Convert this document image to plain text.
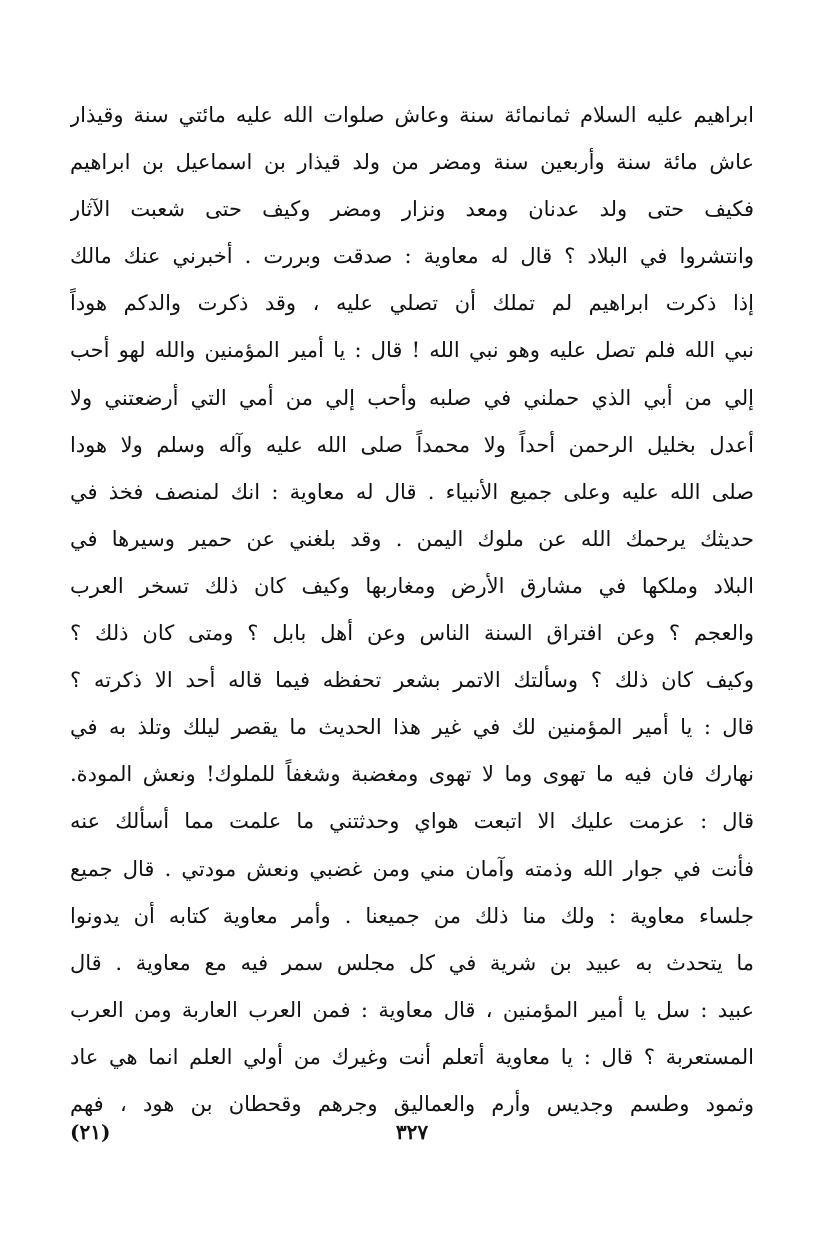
ابراهيم عليه السلام ثمانمائة سنة وعاش صلوات الله عليه مائتي سنة وقيذار
عاش مائة سنة وأربعين سنة ومضر من ولد قيذار بن اسماعيل بن ابراهيم
فكيف حتى ولد عدنان ومعد ونزار ومضر وكيف حتى شعبت الآثار
وانتشروا في البلاد ؟ قال له معاوية : صدقت وبررت . أخبرني عنك مالك
إذا ذكرت ابراهيم لم تملك أن تصلي عليه ، وقد ذكرت والدكم هوداً
نبي الله فلم تصل عليه وهو نبي الله ! قال : يا أمير المؤمنين والله لهو أحب
إلي من أبي الذي حملني في صلبه وأحب إلي من أمي التي أرضعتني ولا
أعدل بخليل الرحمن أحداً ولا محمداً صلى الله عليه وآله وسلم ولا هودا
صلى الله عليه وعلى جميع الأنبياء . قال له معاوية : انك لمنصف فخذ في
حديثك يرحمك الله عن ملوك اليمن . وقد بلغني عن حمير وسيرها في
البلاد وملكها في مشارق الأرض ومغاربها وكيف كان ذلك تسخر العرب
والعجم ؟ وعن افتراق السنة الناس وعن أهل بابل ؟ ومتى كان ذلك ؟
وكيف كان ذلك ؟ وسألتك الاتمر بشعر تحفظه فيما قاله أحد الا ذكرته ؟
قال : يا أمير المؤمنين لك في غير هذا الحديث ما يقصر ليلك وتلذ به في
نهارك فان فيه ما تهوى وما لا تهوى ومغضبة وشغفاً للملوك! ونعش المودة.
قال : عزمت عليك الا اتبعت هواي وحدثتني ما علمت مما أسألك عنه
فأنت في جوار الله وذمته وآمان مني ومن غضبي ونعش مودتي . قال جميع
جلساء معاوية : ولك منا ذلك من جميعنا . وأمر معاوية كتابه أن يدونوا
ما يتحدث به عبيد بن شرية في كل مجلس سمر فيه مع معاوية . قال
عبيد : سل يا أمير المؤمنين ، قال معاوية : فمن العرب العاربة ومن العرب
المستعربة ؟ قال : يا معاوية أتعلم أنت وغيرك من أولي العلم انما هي عاد
وثمود وطسم وجديس وأرم والعماليق وجرهم وقحطان بن هود ، فهم
(٢١)	٣٢٧
